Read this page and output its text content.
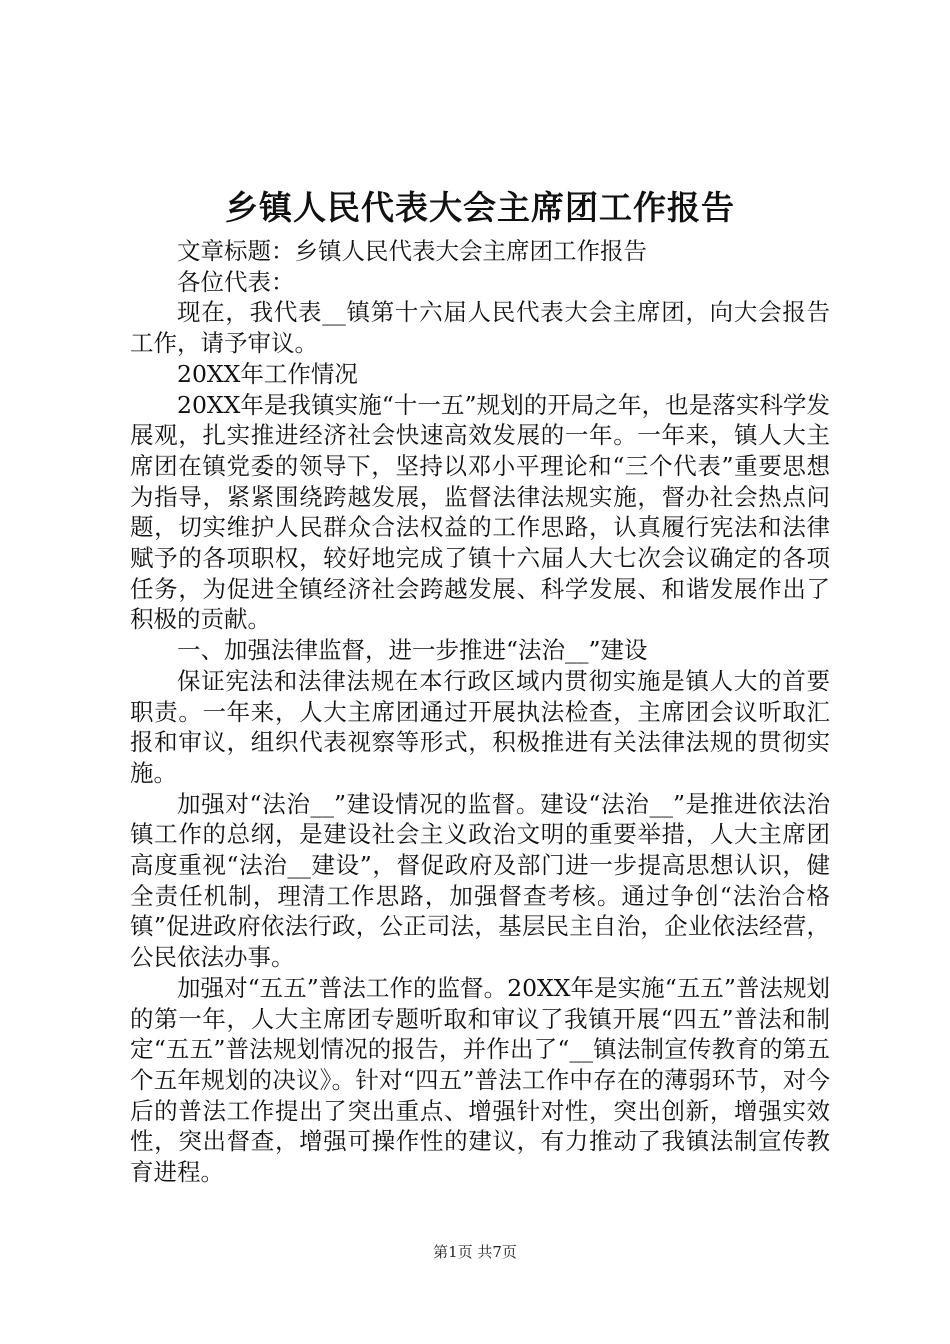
乡镇人民代表大会主席团工作报告

文章标题：乡镇人民代表大会主席团工作报告

各位代表：

现在，我代表__镇第十六届人民代表大会主席团，向大会报告工作，请予审议。

20XX年工作情况

20XX年是我镇实施“十一五”规划的开局之年，也是落实科学发展观，扎实推进经济社会快速高效发展的一年。一年来，镇人大主席团在镇党委的领导下，坚持以邓小平理论和“三个代表”重要思想为指导，紧紧围绕跨越发展，监督法律法规实施，督办社会热点问题，切实维护人民群众合法权益的工作思路，认真履行宪法和法律赋予的各项职权，较好地完成了镇十六届人大七次会议确定的各项任务，为促进全镇经济社会跨越发展、科学发展、和谐发展作出了积极的贡献。

一、加强法律监督，进一步推进“法治__”建设

保证宪法和法律法规在本行政区域内贯彻实施是镇人大的首要职责。一年来，人大主席团通过开展执法检查，主席团会议听取汇报和审议，组织代表视察等形式，积极推进有关法律法规的贯彻实施。

加强对“法治__”建设情况的监督。建设“法治__”是推进依法治镇工作的总纲，是建设社会主义政治文明的重要举措，人大主席团高度重视“法治__建设”，督促政府及部门进一步提高思想认识，健全责任机制，理清工作思路，加强督查考核。通过争创“法治合格镇”促进政府依法行政，公正司法，基层民主自治，企业依法经营，公民依法办事。

加强对“五五”普法工作的监督。20XX年是实施“五五”普法规划的第一年，人大主席团专题听取和审议了我镇开展“四五”普法和制定“五五”普法规划情况的报告，并作出了“__镇法制宣传教育的第五个五年规划的决议》。针对“四五”普法工作中存在的薄弱环节，对今后的普法工作提出了突出重点、增强针对性，突出创新，增强实效性，突出督查，增强可操作性的建议，有力推动了我镇法制宣传教育进程。

第1页 共7页
